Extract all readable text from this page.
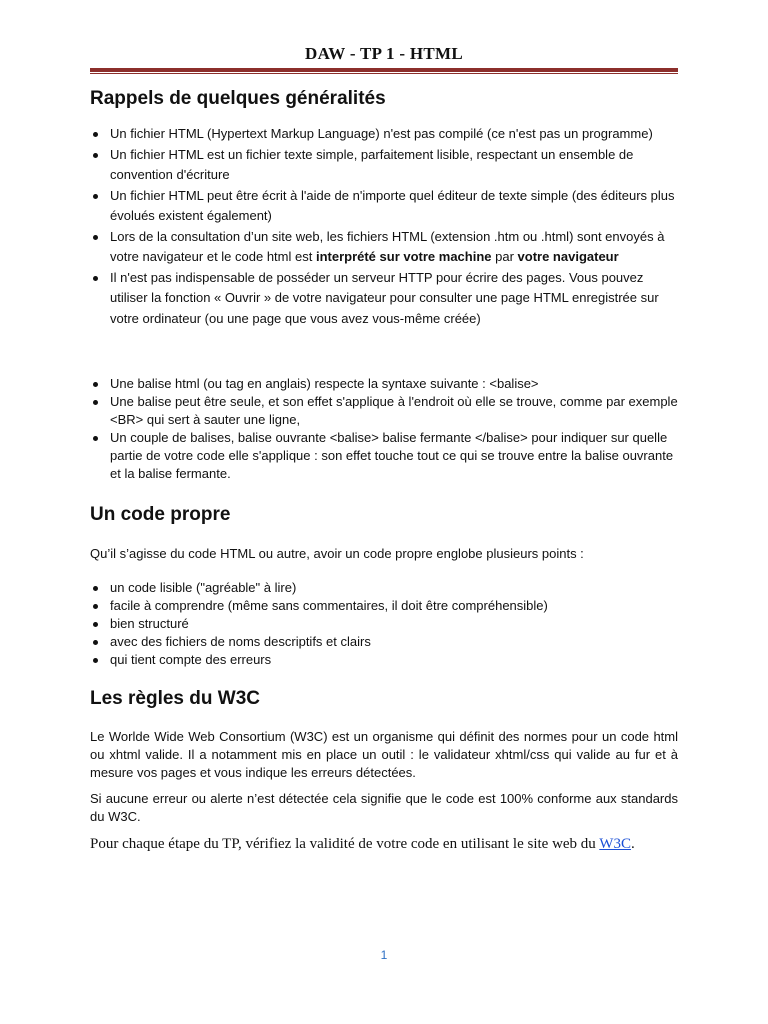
DAW - TP 1 - HTML
Rappels de quelques généralités
Un fichier HTML (Hypertext Markup Language) n'est pas compilé (ce n'est pas un programme)
Un fichier HTML est un fichier texte simple, parfaitement lisible, respectant un ensemble de convention d'écriture
Un fichier HTML peut être écrit à l'aide de n'importe quel éditeur de texte simple (des éditeurs plus évolués existent également)
Lors de la consultation d’un site web, les fichiers HTML (extension .htm ou .html) sont envoyés à votre navigateur et le code html est interprété sur votre machine par votre navigateur
Il n'est pas indispensable de posséder un serveur HTTP pour écrire des pages. Vous pouvez utiliser la fonction « Ouvrir » de votre navigateur pour consulter une page HTML enregistrée sur votre ordinateur (ou une page que vous avez vous-même créée)
Une balise html (ou tag en anglais) respecte la syntaxe suivante : <balise>
Une balise peut être seule, et son effet s'applique à l'endroit où elle se trouve, comme par exemple <BR> qui sert à sauter une ligne,
Un couple de balises, balise ouvrante <balise> balise fermante </balise> pour indiquer sur quelle partie de votre code elle s'applique : son effet touche tout ce qui se trouve entre la balise ouvrante et la balise fermante.
Un code propre

Qu’il s’agisse du code HTML ou autre, avoir un code propre englobe plusieurs points :

un code lisible ("agréable" à lire)
facile à comprendre (même sans commentaires, il doit être compréhensible)
bien structuré
avec des fichiers de noms descriptifs et clairs
qui tient compte des erreurs
Les règles du W3C

Le Worlde Wide Web Consortium (W3C) est un organisme qui définit des normes pour un code html ou xhtml valide. Il a notamment mis en place un outil : le validateur xhtml/css qui valide au fur et à mesure vos pages et vous indique les erreurs détectées.

Si aucune erreur ou alerte n’est détectée cela signifie que le code est 100% conforme aux standards du W3C.

Pour chaque étape du TP, vérifiez la validité de votre code en utilisant le site web du W3C.

1
